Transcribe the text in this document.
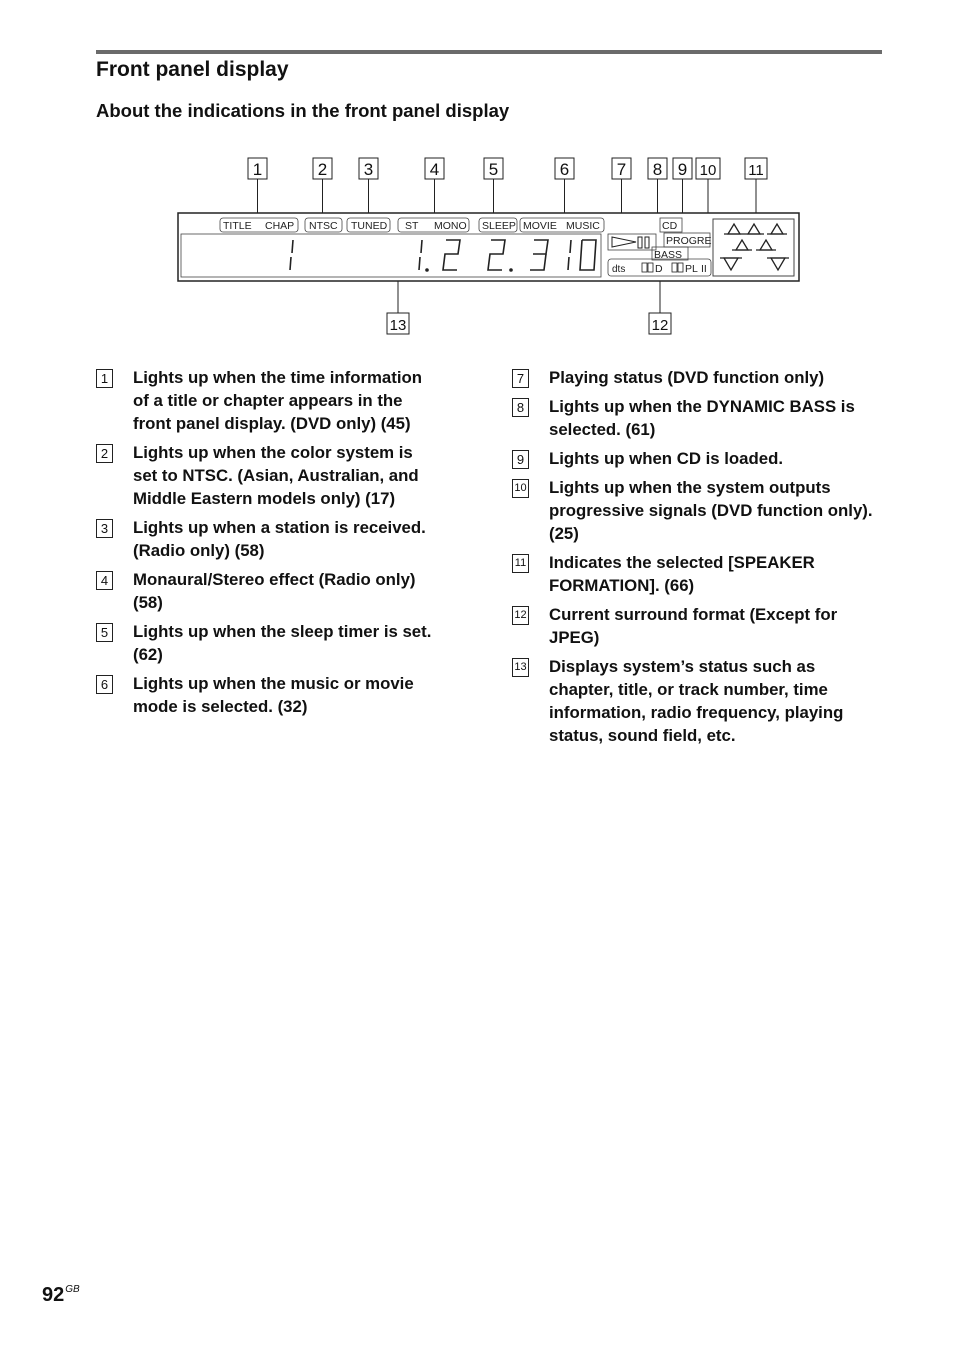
Front panel display
About the indications in the front panel display
1	2 3	4	5	6	7 8 9 10 11
12
13
TITLE CHAP NTSC TUNED ST MONO SLEEP MOVIE MUSIC	CD
PROGRE
BASS
dts	D PL II
1 1.2 2.3 10
1 Lights up when the time information of a title or chapter appears in the front panel display. (DVD only) (45)
2 Lights up when the color system is set to NTSC. (Asian, Australian, and Middle Eastern models only) (17)
3 Lights up when a station is received. (Radio only) (58)
4 Monaural/Stereo effect (Radio only) (58)
5 Lights up when the sleep timer is set. (62)
6 Lights up when the music or movie mode is selected. (32)
7 Playing status (DVD function only)
8 Lights up when the DYNAMIC BASS is selected. (61)
9 Lights up when CD is loaded.
10 Lights up when the system outputs progressive signals (DVD function only). (25)
11 Indicates the selected [SPEAKER FORMATION]. (66)
12 Current surround format (Except for JPEG)
13 Displays system’s status such as chapter, title, or track number, time information, radio frequency, playing status, sound field, etc.
$92^{GB}$
